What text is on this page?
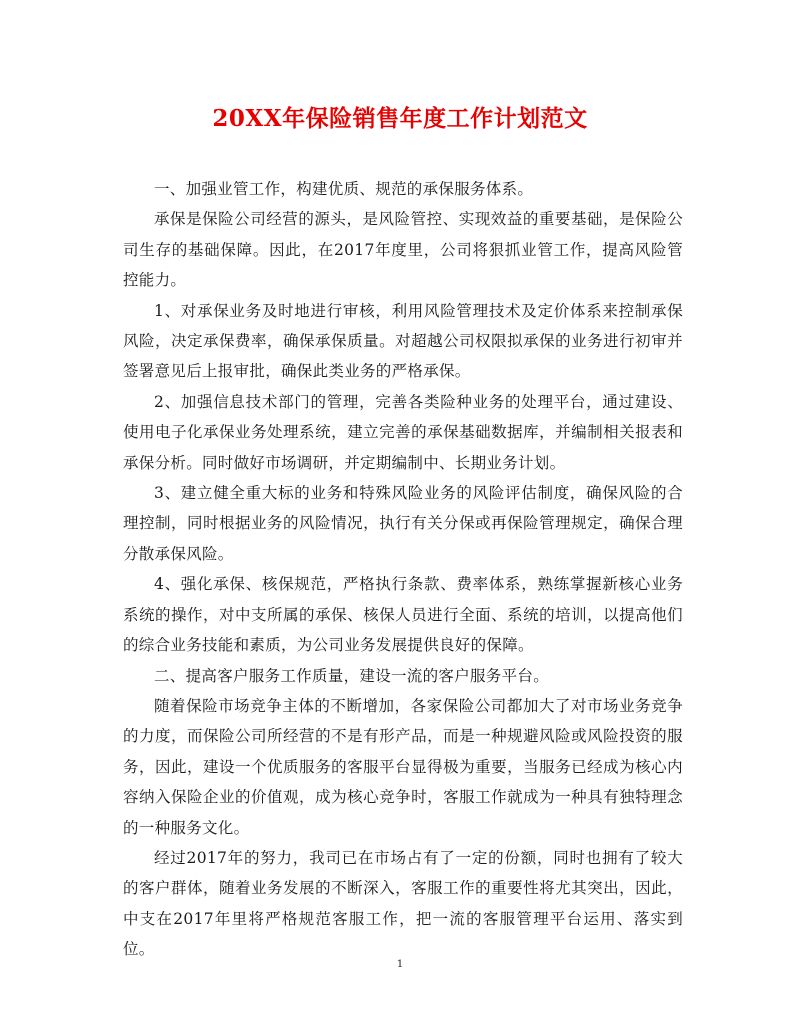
20XX年保险销售年度工作计划范文

一、加强业管工作，构建优质、规范的承保服务体系。

承保是保险公司经营的源头，是风险管控、实现效益的重要基础，是保险公司生存的基础保障。因此，在2017年度里，公司将狠抓业管工作，提高风险管控能力。

1、对承保业务及时地进行审核，利用风险管理技术及定价体系来控制承保风险，决定承保费率，确保承保质量。对超越公司权限拟承保的业务进行初审并签署意见后上报审批，确保此类业务的严格承保。

2、加强信息技术部门的管理，完善各类险种业务的处理平台，通过建设、使用电子化承保业务处理系统，建立完善的承保基础数据库，并编制相关报表和承保分析。同时做好市场调研，并定期编制中、长期业务计划。

3、建立健全重大标的业务和特殊风险业务的风险评估制度，确保风险的合理控制，同时根据业务的风险情况，执行有关分保或再保险管理规定，确保合理分散承保风险。

4、强化承保、核保规范，严格执行条款、费率体系，熟练掌握新核心业务系统的操作，对中支所属的承保、核保人员进行全面、系统的培训，以提高他们的综合业务技能和素质，为公司业务发展提供良好的保障。

二、提高客户服务工作质量，建设一流的客户服务平台。

随着保险市场竞争主体的不断增加，各家保险公司都加大了对市场业务竞争的力度，而保险公司所经营的不是有形产品，而是一种规避风险或风险投资的服务，因此，建设一个优质服务的客服平台显得极为重要，当服务已经成为核心内容纳入保险企业的价值观，成为核心竞争时，客服工作就成为一种具有独特理念的一种服务文化。

经过2017年的努力，我司已在市场占有了一定的份额，同时也拥有了较大的客户群体，随着业务发展的不断深入，客服工作的重要性将尤其突出，因此，中支在2017年里将严格规范客服工作，把一流的客服管理平台运用、落实到位。

1
